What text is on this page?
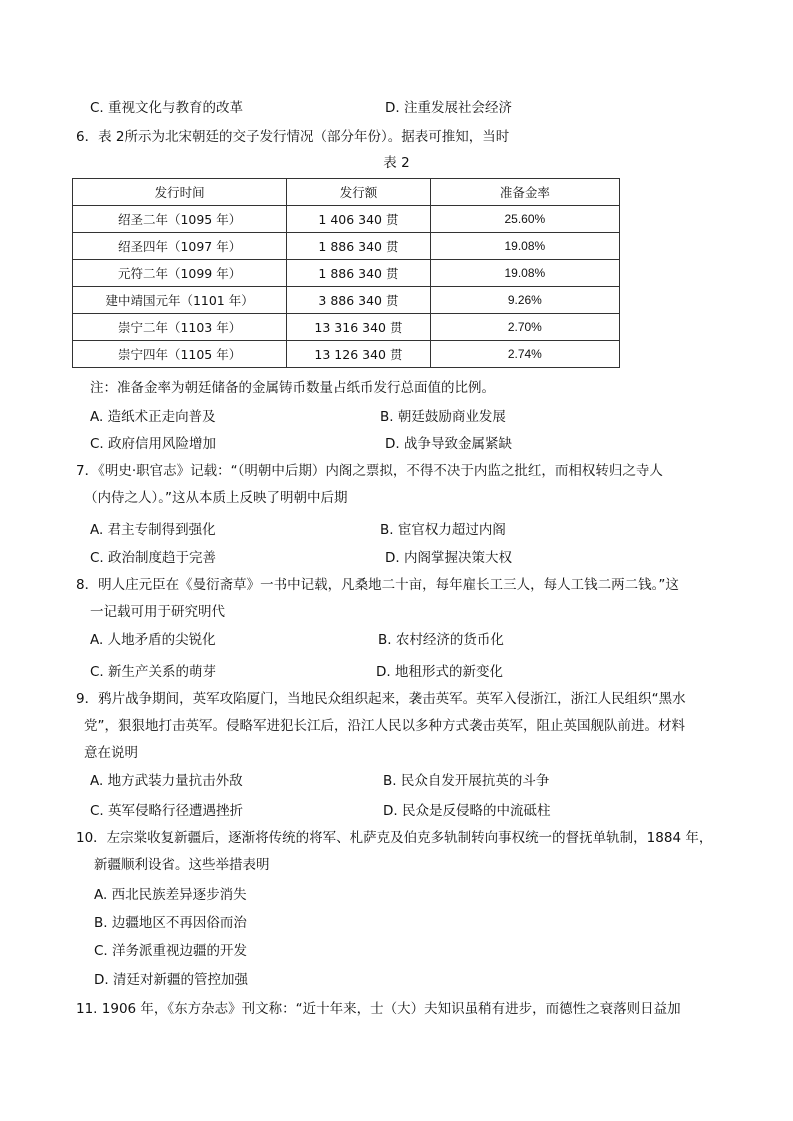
C. 重视文化与教育的改革	D. 注重发展社会经济
6．表 2所示为北宋朝廷的交子发行情况（部分年份）。据表可推知，当时
表 2
发行时间	发行额	准备金率
绍圣二年（1095 年）	1 406 340 贯	25.60%
绍圣四年（1097 年）	1 886 340 贯	19.08%
元符二年（1099 年）	1 886 340 贯	19.08%
建中靖国元年（1101 年）	3 886 340 贯	9.26%
崇宁二年（1103 年）	13 316 340 贯	2.70%
崇宁四年（1105 年）	13 126 340 贯	2.74%
注：准备金率为朝廷储备的金属铸币数量占纸币发行总面值的比例。
A. 造纸术正走向普及	B. 朝廷鼓励商业发展
C. 政府信用风险增加	D. 战争导致金属紧缺
7．《明史·职官志》记载：“（明朝中后期）内阁之票拟，不得不决于内监之批红，而相权转归之寺人
（内侍之人）。”这从本质上反映了明朝中后期
A. 君主专制得到强化	B. 宦官权力超过内阁
C. 政治制度趋于完善	D. 内阁掌握决策大权
8．明人庄元臣在《曼衍斋草》一书中记载，凡桑地二十亩，每年雇长工三人，每人工钱二两二钱。”这
一记载可用于研究明代
A. 人地矛盾的尖锐化	B. 农村经济的货币化
C. 新生产关系的萌芽	D. 地租形式的新变化
9．鸦片战争期间，英军攻陷厦门，当地民众组织起来，袭击英军。英军入侵浙江，浙江人民组织“黑水
党”，狠狠地打击英军。侵略军进犯长江后，沿江人民以多种方式袭击英军，阻止英国舰队前进。材料
意在说明
A. 地方武装力量抗击外敌	B. 民众自发开展抗英的斗争
C. 英军侵略行径遭遇挫折	D. 民众是反侵略的中流砥柱
10．左宗棠收复新疆后，逐渐将传统的将军、札萨克及伯克多轨制转向事权统一的督抚单轨制，1884 年，
新疆顺利设省。这些举措表明
A. 西北民族差异逐步消失
B. 边疆地区不再因俗而治
C. 洋务派重视边疆的开发
D. 清廷对新疆的管控加强
11. 1906 年，《东方杂志》刊文称：“近十年来，士（大）夫知识虽稍有进步，而德性之衰落则日益加
